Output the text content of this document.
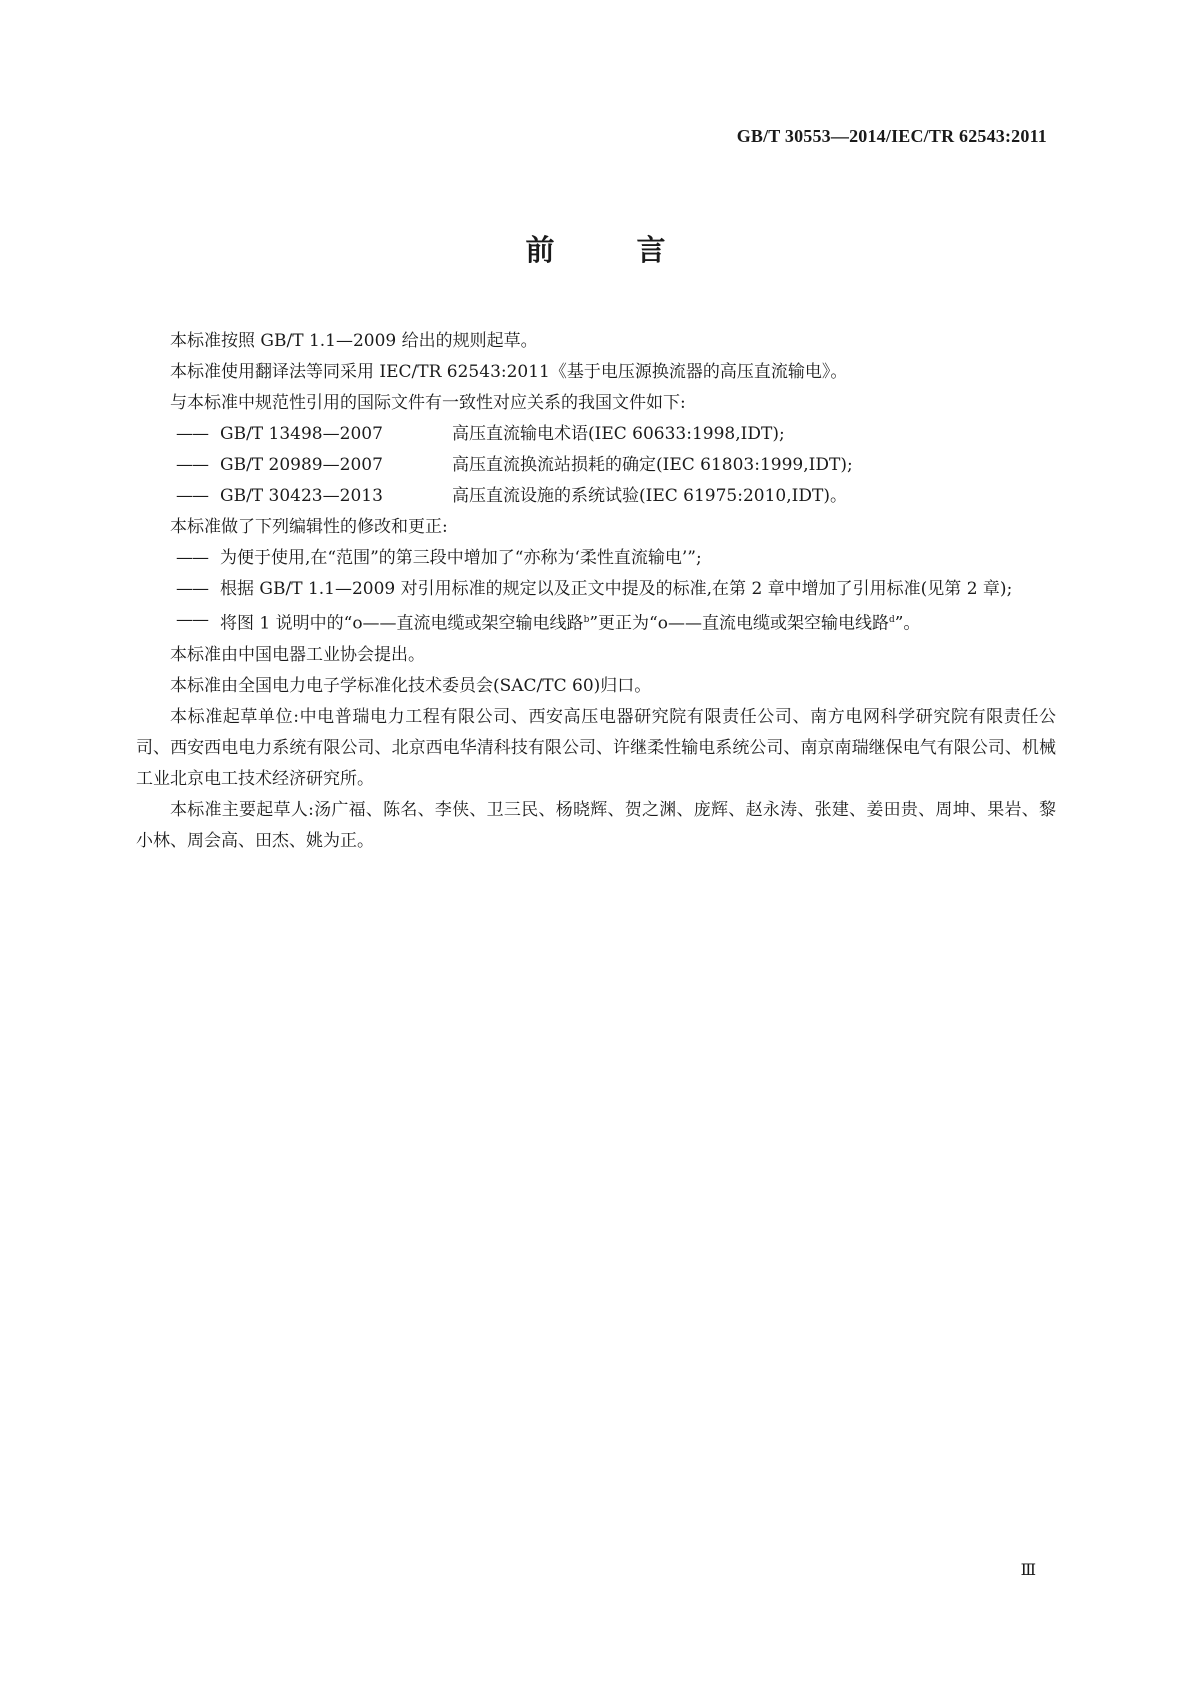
GB/T 30553—2014/IEC/TR 62543:2011
前 言

本标准按照 GB/T 1.1—2009 给出的规则起草。

本标准使用翻译法等同采用 IEC/TR 62543:2011《基于电压源换流器的高压直流输电》。

与本标准中规范性引用的国际文件有一致性对应关系的我国文件如下:

—— GB/T 13498—2007	高压直流输电术语(IEC 60633:1998,IDT);

—— GB/T 20989—2007	高压直流换流站损耗的确定(IEC 61803:1999,IDT);

—— GB/T 30423—2013	高压直流设施的系统试验(IEC 61975:2010,IDT)。

本标准做了下列编辑性的修改和更正:

—— 为便于使用,在“范围”的第三段中增加了“亦称为‘柔性直流输电’”;

—— 根据 GB/T 1.1—2009 对引用标准的规定以及正文中提及的标准,在第 2 章中增加了引用标准(见第 2 章);

—— 将图 1 说明中的“o——直流电缆或架空输电线路$^b$”更正为“o——直流电缆或架空输电线路$^d$”。

本标准由中国电器工业协会提出。

本标准由全国电力电子学标准化技术委员会(SAC/TC 60)归口。

本标准起草单位:中电普瑞电力工程有限公司、西安高压电器研究院有限责任公司、南方电网科学研究院有限责任公司、西安西电电力系统有限公司、北京西电华清科技有限公司、许继柔性输电系统公司、南京南瑞继保电气有限公司、机械工业北京电工技术经济研究所。

本标准主要起草人:汤广福、陈名、李侠、卫三民、杨晓辉、贺之渊、庞辉、赵永涛、张建、姜田贵、周坤、果岩、黎小林、周会高、田杰、姚为正。

Ⅲ
